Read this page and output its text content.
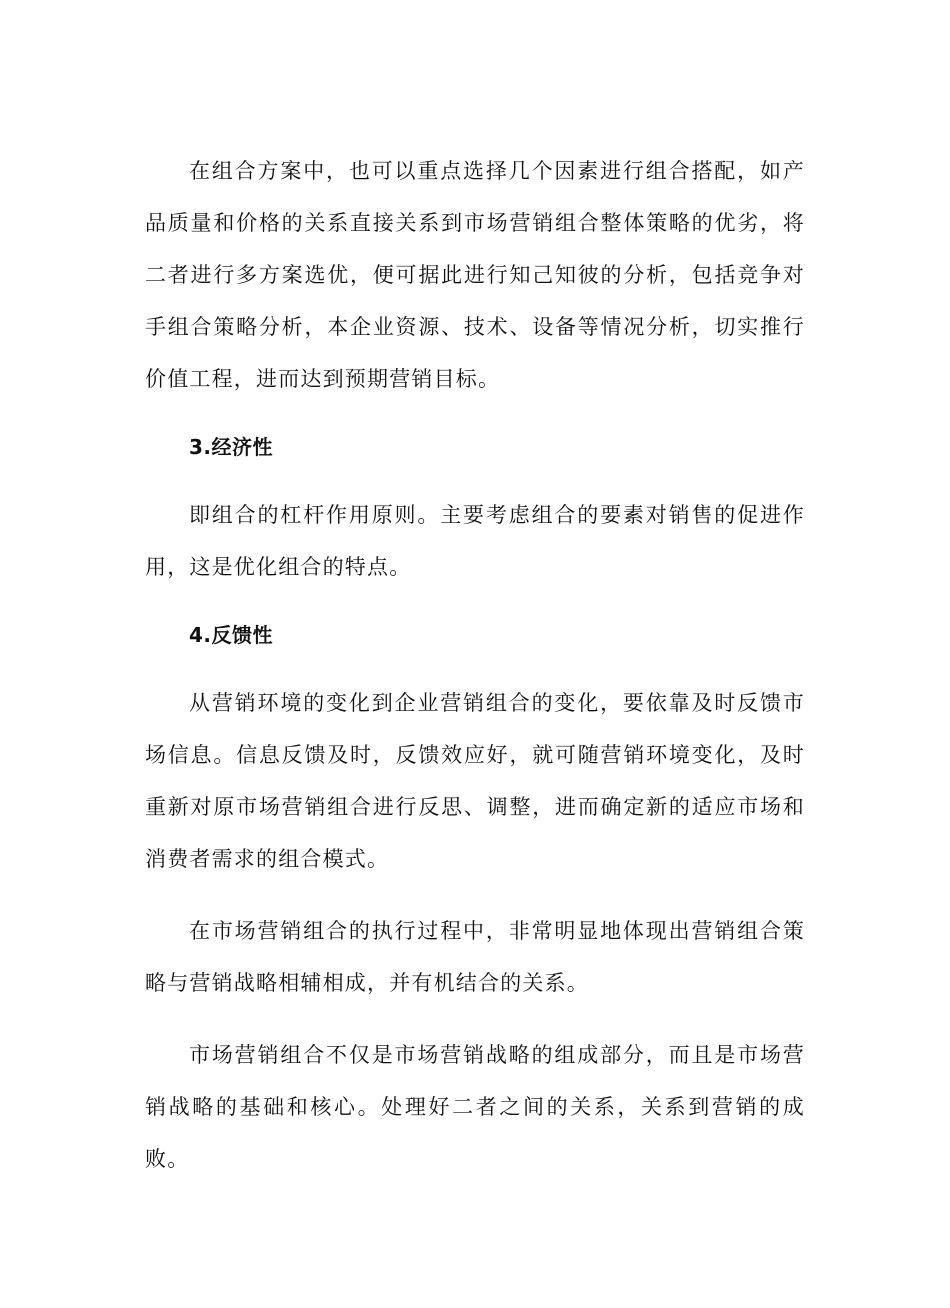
在组合方案中，也可以重点选择几个因素进行组合搭配，如产品质量和价格的关系直接关系到市场营销组合整体策略的优劣，将二者进行多方案选优，便可据此进行知己知彼的分析，包括竞争对手组合策略分析，本企业资源、技术、设备等情况分析，切实推行价值工程，进而达到预期营销目标。

3.经济性

即组合的杠杆作用原则。主要考虑组合的要素对销售的促进作用，这是优化组合的特点。

4.反馈性

从营销环境的变化到企业营销组合的变化，要依靠及时反馈市场信息。信息反馈及时，反馈效应好，就可随营销环境变化，及时重新对原市场营销组合进行反思、调整，进而确定新的适应市场和消费者需求的组合模式。

在市场营销组合的执行过程中，非常明显地体现出营销组合策略与营销战略相辅相成，并有机结合的关系。

市场营销组合不仅是市场营销战略的组成部分，而且是市场营销战略的基础和核心。处理好二者之间的关系，关系到营销的成败。
